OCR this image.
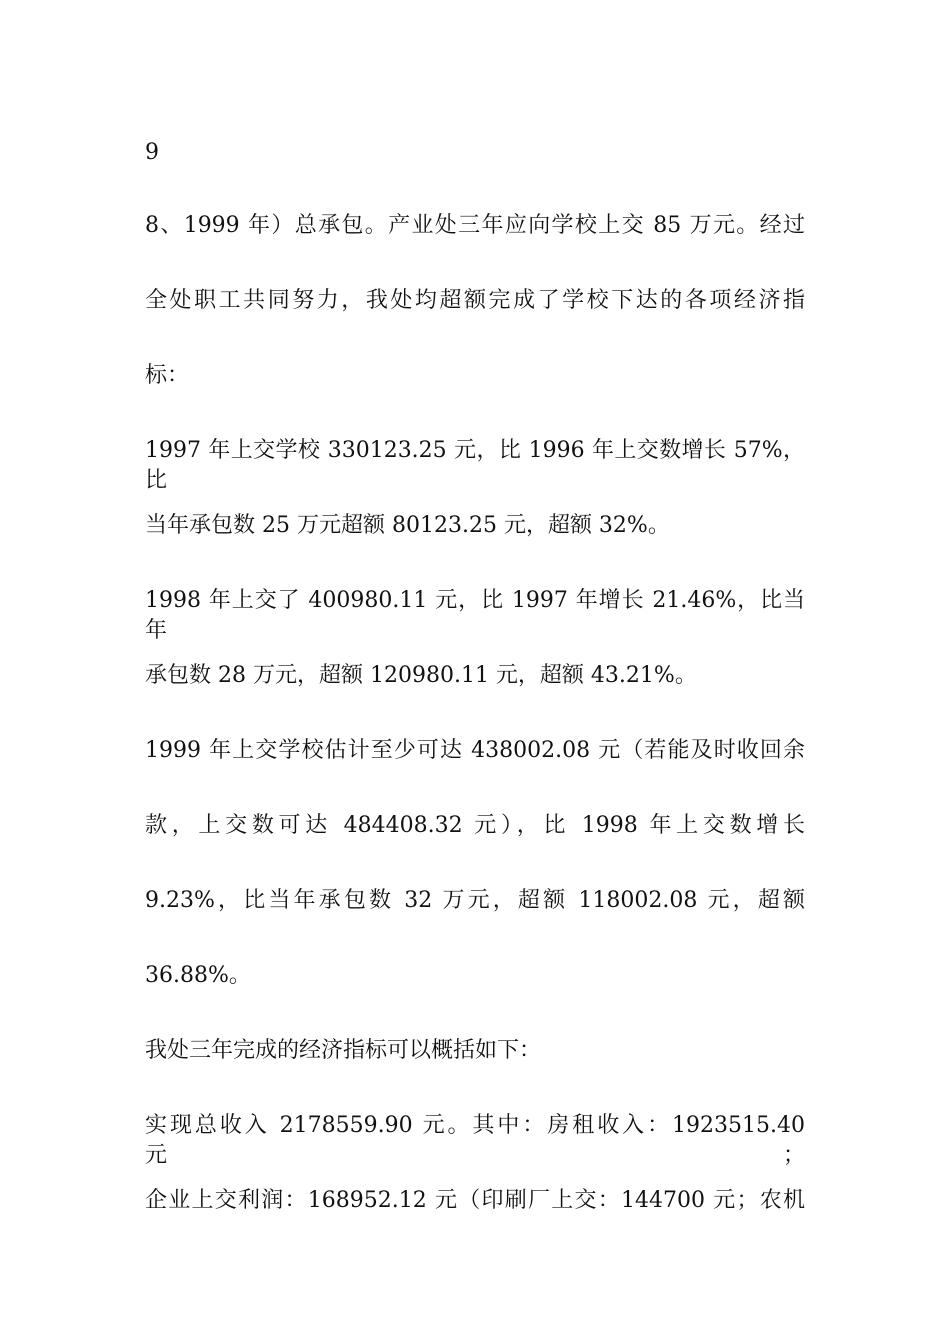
9
8、1999 年）总承包。产业处三年应向学校上交 85 万元。经过
全处职工共同努力，我处均超额完成了学校下达的各项经济指
标：
1997 年上交学校 330123.25 元，比 1996 年上交数增长 57%，比
当年承包数 25 万元超额 80123.25 元，超额 32%。
1998 年上交了 400980.11 元，比 1997 年增长 21.46%，比当年
承包数 28 万元，超额 120980.11 元，超额 43.21%。
1999 年上交学校估计至少可达 438002.08 元（若能及时收回余
款，上交数可达 484408.32 元），比 1998 年上交数增长
9.23%，比当年承包数 32 万元，超额 118002.08 元，超额
36.88%。
我处三年完成的经济指标可以概括如下：
实现总收入 2178559.90 元。其中：房租收入：1923515.40 元；
企业上交利润：168952.12 元（印刷厂上交：144700 元；农机
